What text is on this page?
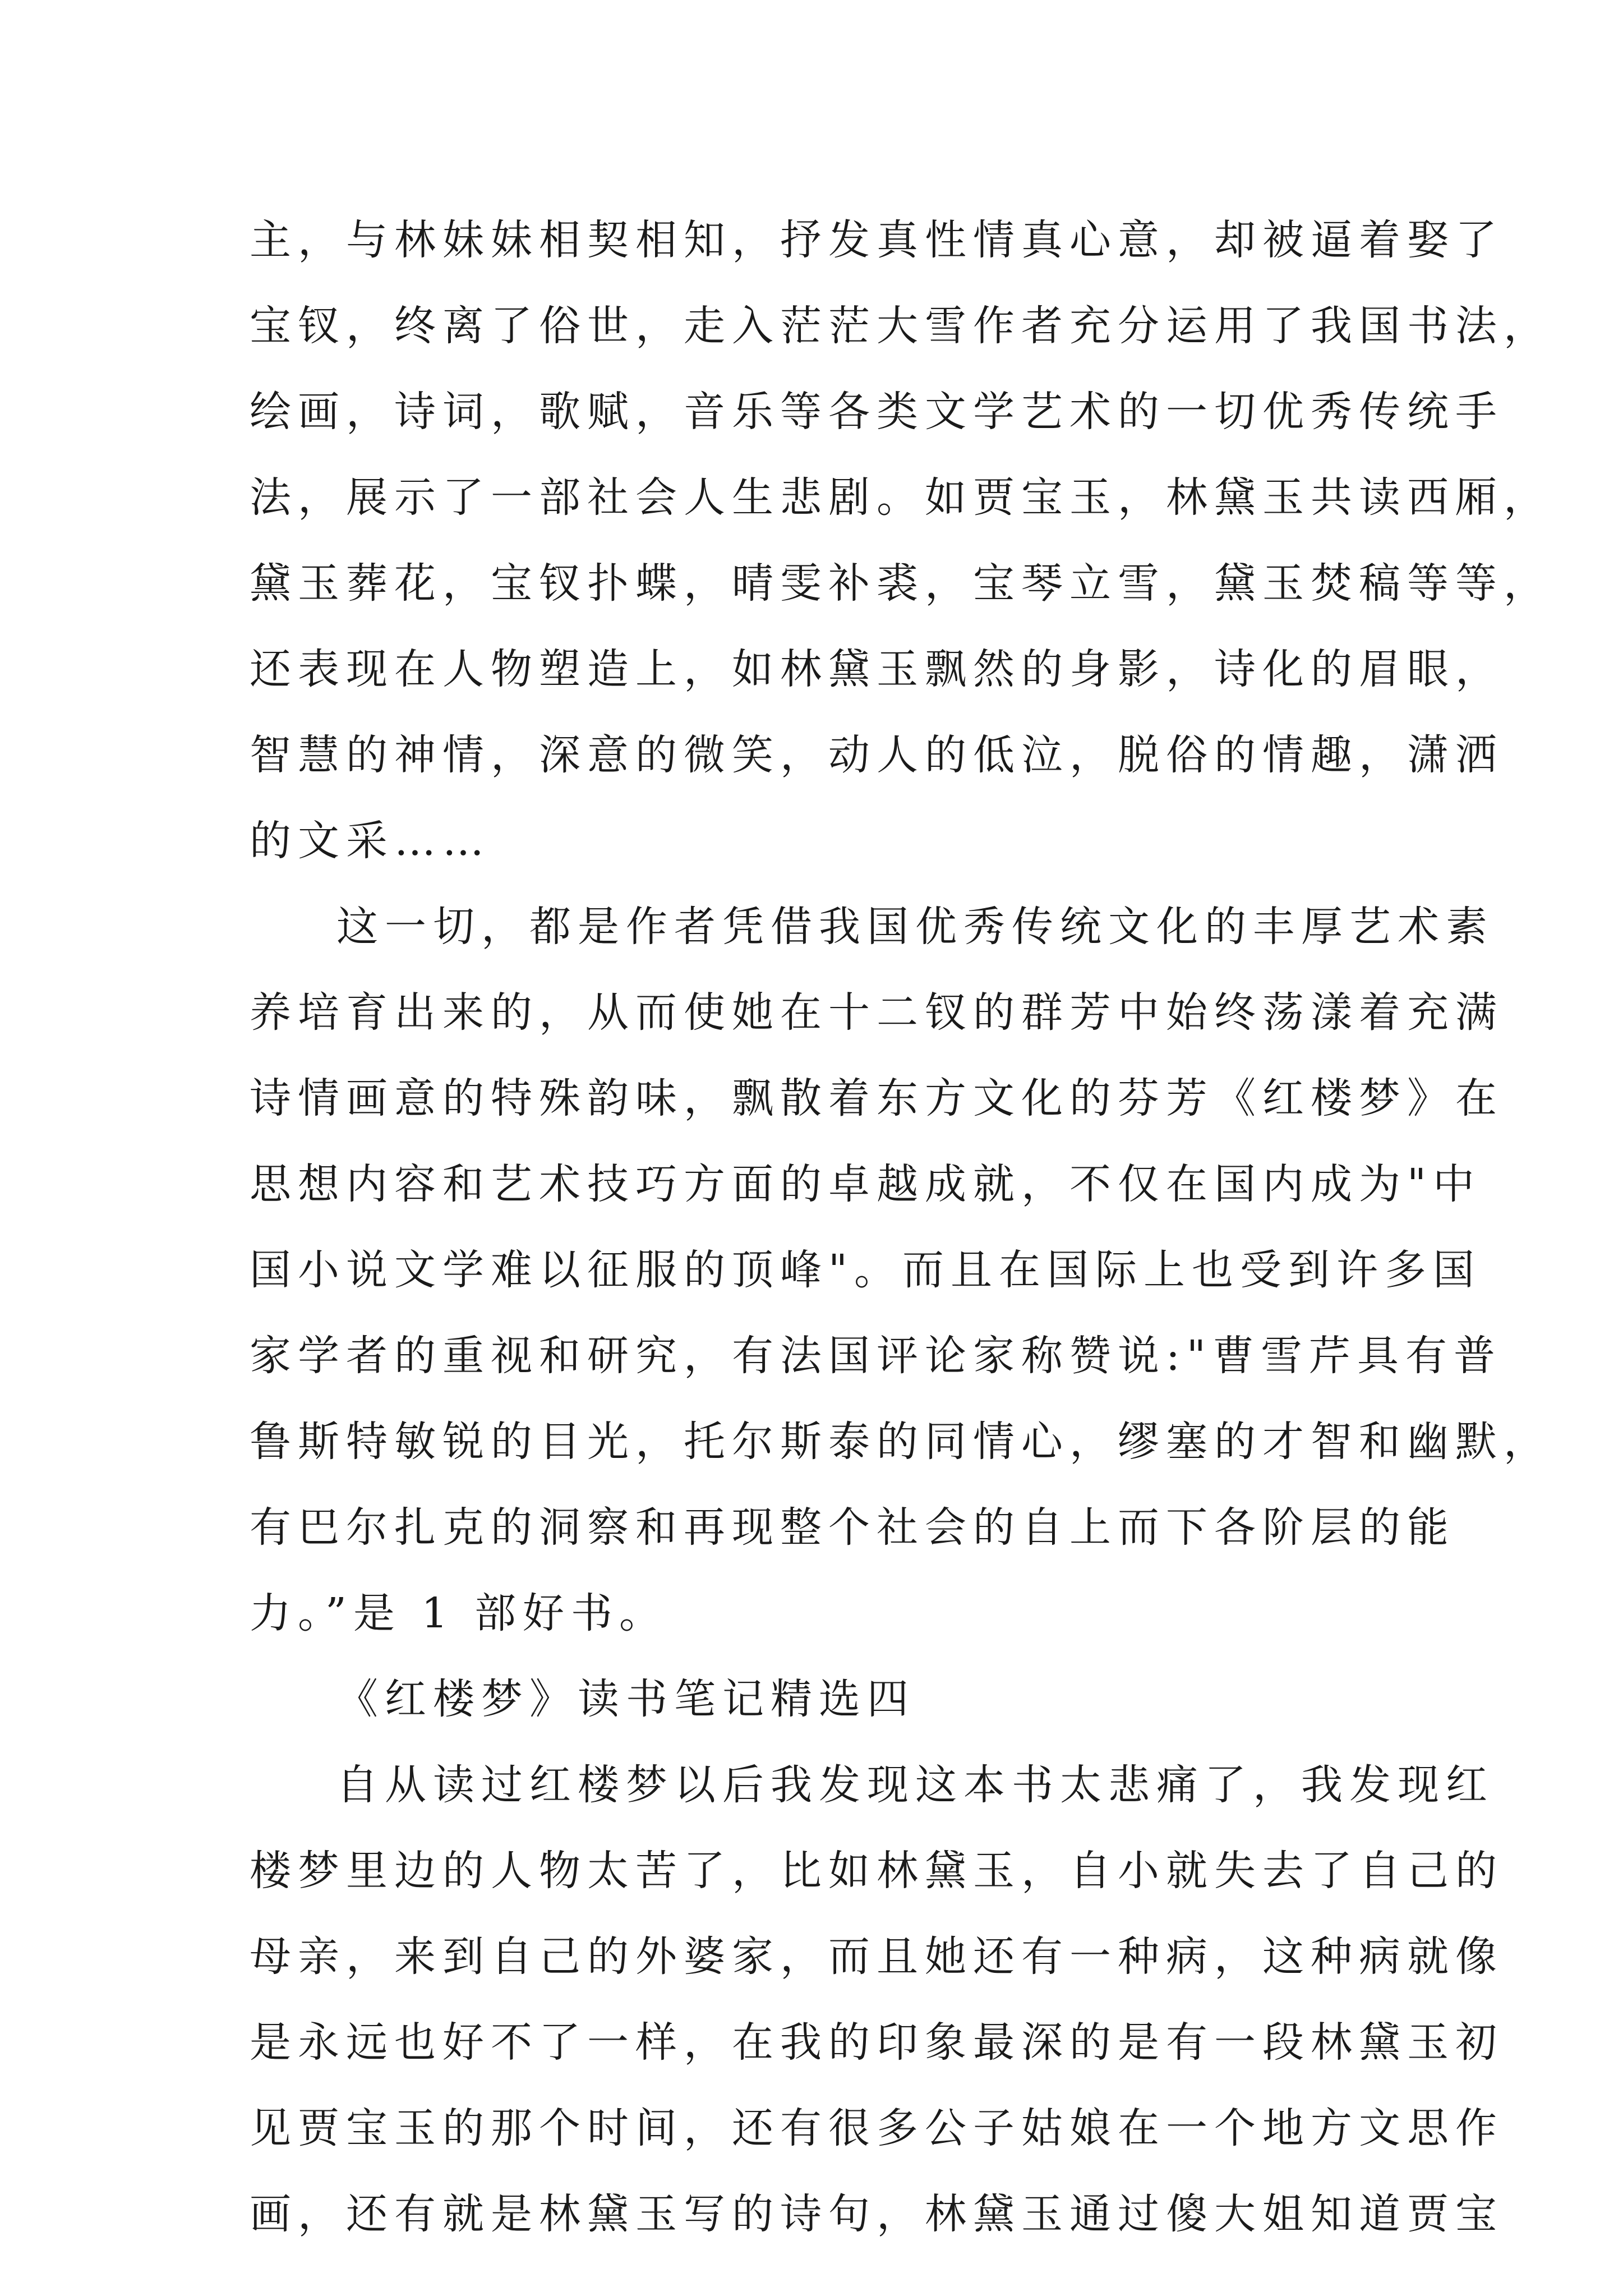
主，与林妹妹相契相知，抒发真性情真心意，却被逼着娶了
宝钗，终离了俗世，走入茫茫大雪作者充分运用了我国书法，
绘画，诗词，歌赋，音乐等各类文学艺术的一切优秀传统手
法，展示了一部社会人生悲剧。如贾宝玉，林黛玉共读西厢，
黛玉葬花，宝钗扑蝶，晴雯补裘，宝琴立雪，黛玉焚稿等等，
还表现在人物塑造上，如林黛玉飘然的身影，诗化的眉眼，
智慧的神情，深意的微笑，动人的低泣，脱俗的情趣，潇洒
的文采……
这一切，都是作者凭借我国优秀传统文化的丰厚艺术素
养培育出来的，从而使她在十二钗的群芳中始终荡漾着充满
诗情画意的特殊韵味，飘散着东方文化的芬芳《红楼梦》在
思想内容和艺术技巧方面的卓越成就，不仅在国内成为"中
国小说文学难以征服的顶峰"。而且在国际上也受到许多国
家学者的重视和研究，有法国评论家称赞说:"曹雪芹具有普
鲁斯特敏锐的目光，托尔斯泰的同情心，缪塞的才智和幽默，
有巴尔扎克的洞察和再现整个社会的自上而下各阶层的能
力。”是 1 部好书。
《红楼梦》读书笔记精选四
自从读过红楼梦以后我发现这本书太悲痛了，我发现红
楼梦里边的人物太苦了，比如林黛玉，自小就失去了自己的
母亲，来到自己的外婆家，而且她还有一种病，这种病就像
是永远也好不了一样，在我的印象最深的是有一段林黛玉初
见贾宝玉的那个时间，还有很多公子姑娘在一个地方文思作
画，还有就是林黛玉写的诗句，林黛玉通过傻大姐知道贾宝
